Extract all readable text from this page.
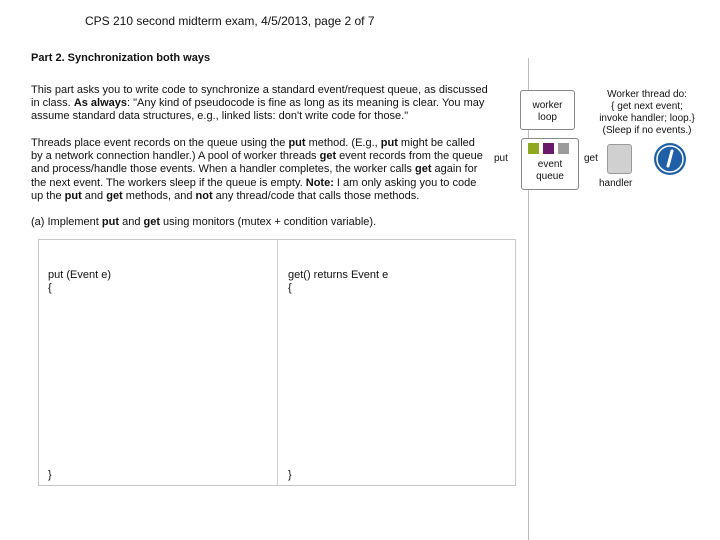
CPS 210 second midterm exam, 4/5/2013, page 2 of 7
Part 2. Synchronization both ways
This part asks you to write code to synchronize a standard event/request queue, as discussed
in class. As always: "Any kind of pseudocode is fine as long as its meaning is clear. You may
assume standard data structures, e.g., linked lists: don't write code for those."
Threads place event records on the queue using the put method. (E.g., put might be called
by a network connection handler.) A pool of worker threads get event records from the queue
and process/handle those events. When a handler completes, the worker calls get again for
the next event. The workers sleep if the queue is empty. Note: I am only asking you to code
up the put and get methods, and not any thread/code that calls those methods.
(a) Implement put and get using monitors (mutex + condition variable).
put (Event e)
{
}
get() returns Event e
{
}
worker
loop
event
queue
put	get
handler
Worker thread do:
{ get next event;
invoke handler; loop.}
(Sleep if no events.)
